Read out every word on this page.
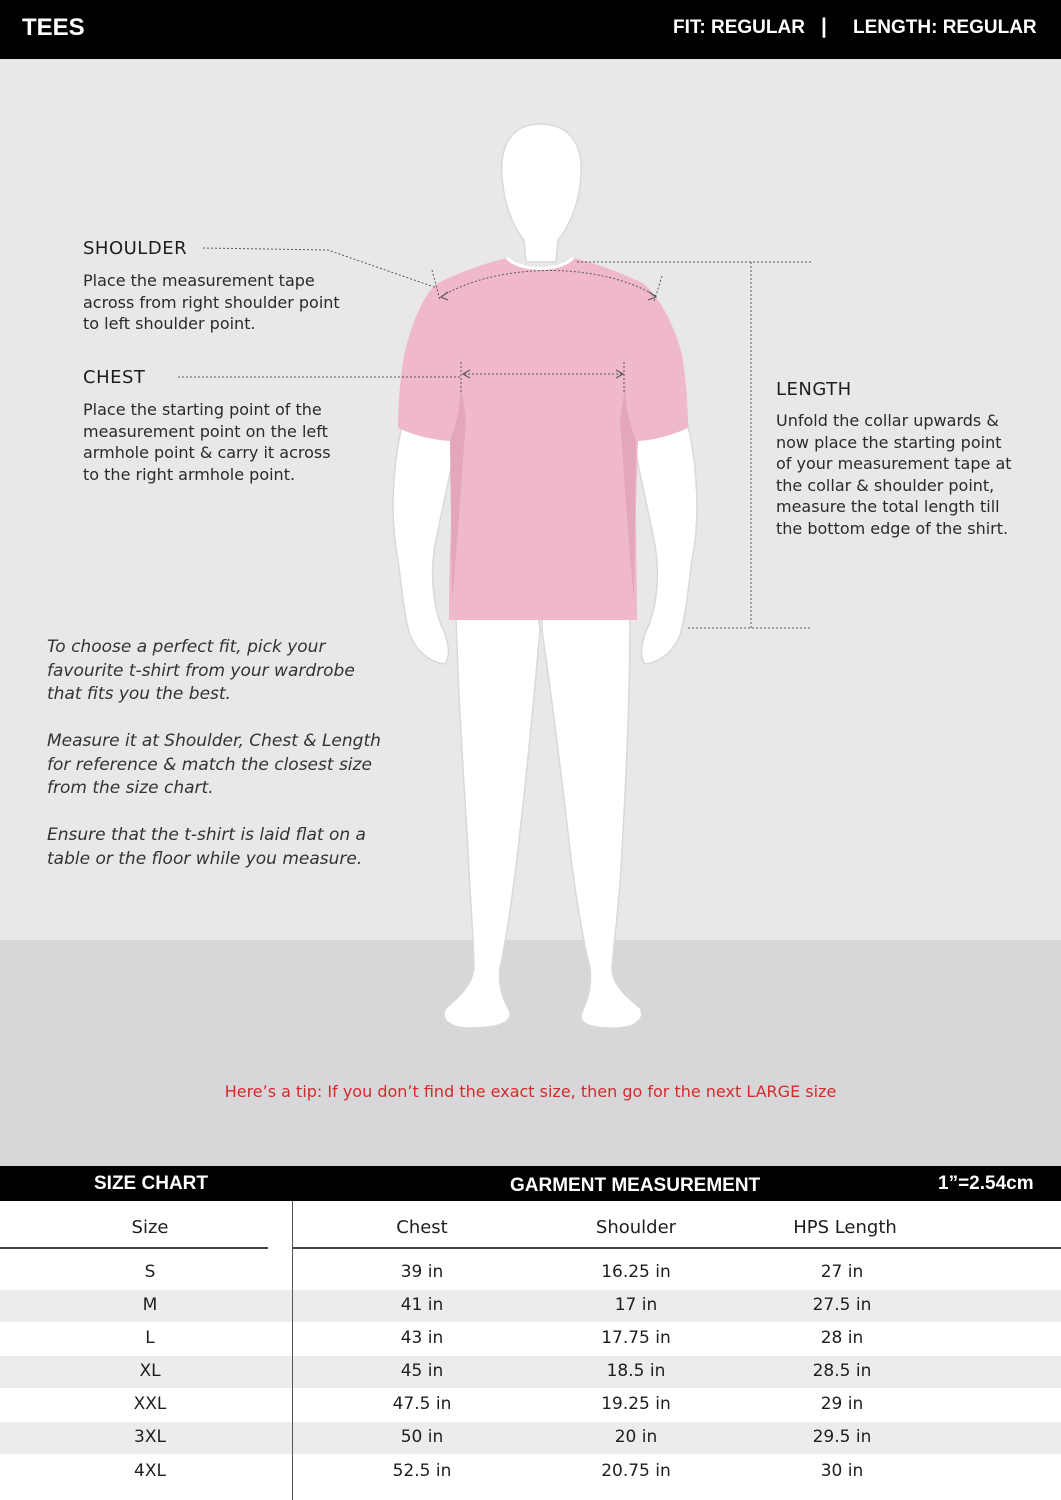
TEES	FIT: REGULAR | LENGTH: REGULAR
SHOULDER
Place the measurement tape
across from right shoulder point
to left shoulder point.
CHEST
Place the starting point of the
measurement point on the left
armhole point & carry it across
to the right armhole point.
LENGTH
Unfold the collar upwards &
now place the starting point
of your measurement tape at
the collar & shoulder point,
measure the total length till
the bottom edge of the shirt.
To choose a perfect fit, pick your
favourite t-shirt from your wardrobe
that fits you the best.
Measure it at Shoulder, Chest & Length
for reference & match the closest size
from the size chart.
Ensure that the t-shirt is laid flat on a
table or the floor while you measure.
Here’s a tip: If you don’t find the exact size, then go for the next LARGE size
SIZE CHART	GARMENT MEASUREMENT	1”=2.54cm
Size	Chest	Shoulder	HPS Length
S	39 in	16.25 in	27 in
M	41 in	17 in	27.5 in
L	43 in	17.75 in	28 in
XL	45 in	18.5 in	28.5 in
XXL	47.5 in	19.25 in	29 in
3XL	50 in	20 in	29.5 in
4XL	52.5 in	20.75 in	30 in
